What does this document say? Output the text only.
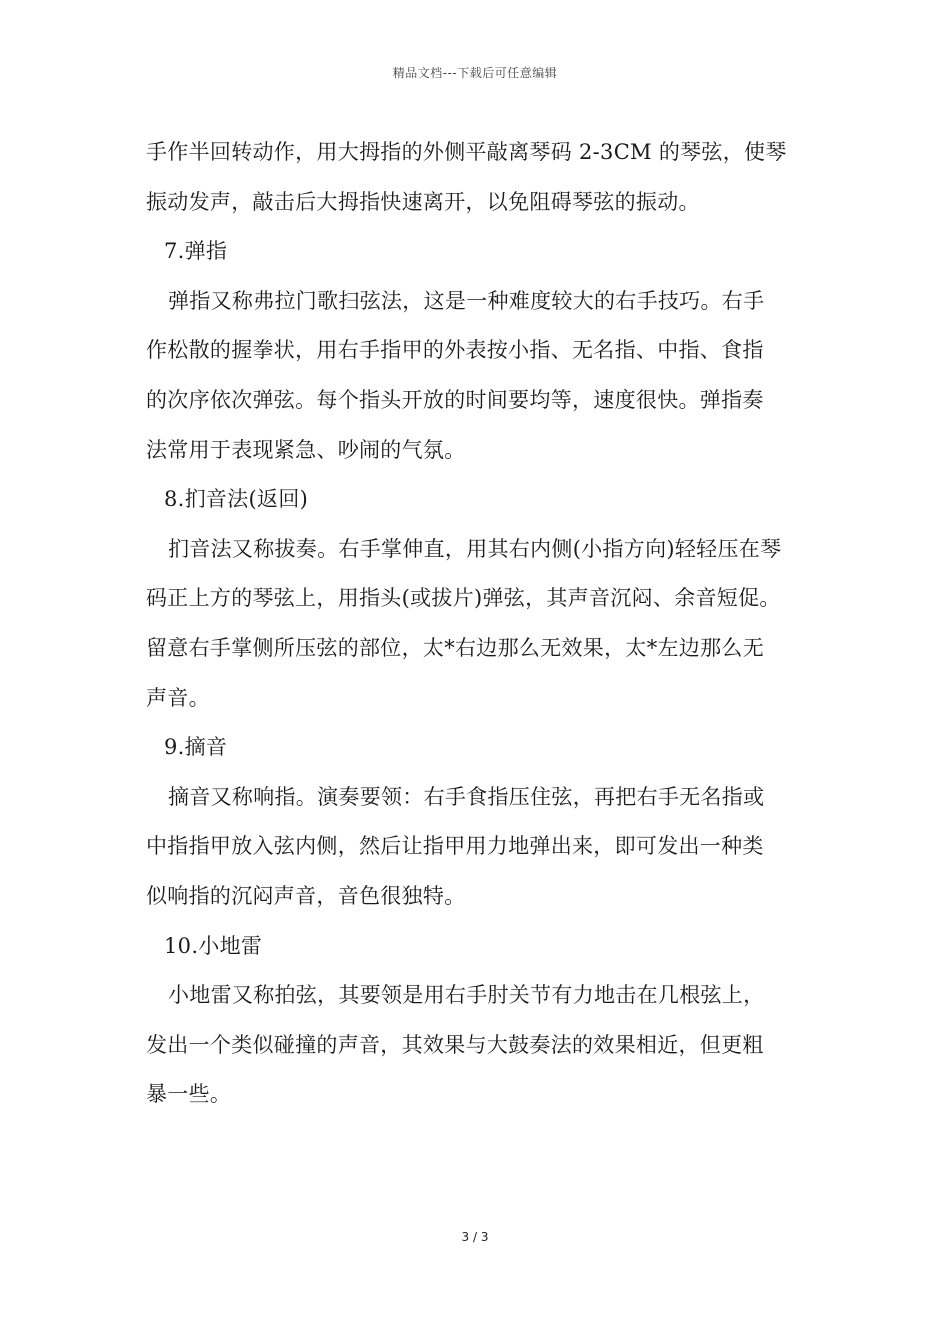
精品文档---下载后可任意编辑
手作半回转动作，用大拇指的外侧平敲离琴码 2-3CM 的琴弦，使琴
振动发声，敲击后大拇指快速离开，以免阻碍琴弦的振动。
7.弹指
弹指又称弗拉门歌扫弦法，这是一种难度较大的右手技巧。右手
作松散的握拳状，用右手指甲的外表按小指、无名指、中指、食指
的次序依次弹弦。每个指头开放的时间要均等，速度很快。弹指奏
法常用于表现紧急、吵闹的气氛。
8.扪音法(返回)
扪音法又称拔奏。右手掌伸直，用其右内侧(小指方向)轻轻压在琴
码正上方的琴弦上，用指头(或拔片)弹弦，其声音沉闷、余音短促。
留意右手掌侧所压弦的部位，太*右边那么无效果，太*左边那么无
声音。
9.摘音
摘音又称响指。演奏要领：右手食指压住弦，再把右手无名指或
中指指甲放入弦内侧，然后让指甲用力地弹出来，即可发出一种类
似响指的沉闷声音，音色很独特。
10.小地雷
小地雷又称拍弦，其要领是用右手肘关节有力地击在几根弦上，
发出一个类似碰撞的声音，其效果与大鼓奏法的效果相近，但更粗
暴一些。
3 / 3
